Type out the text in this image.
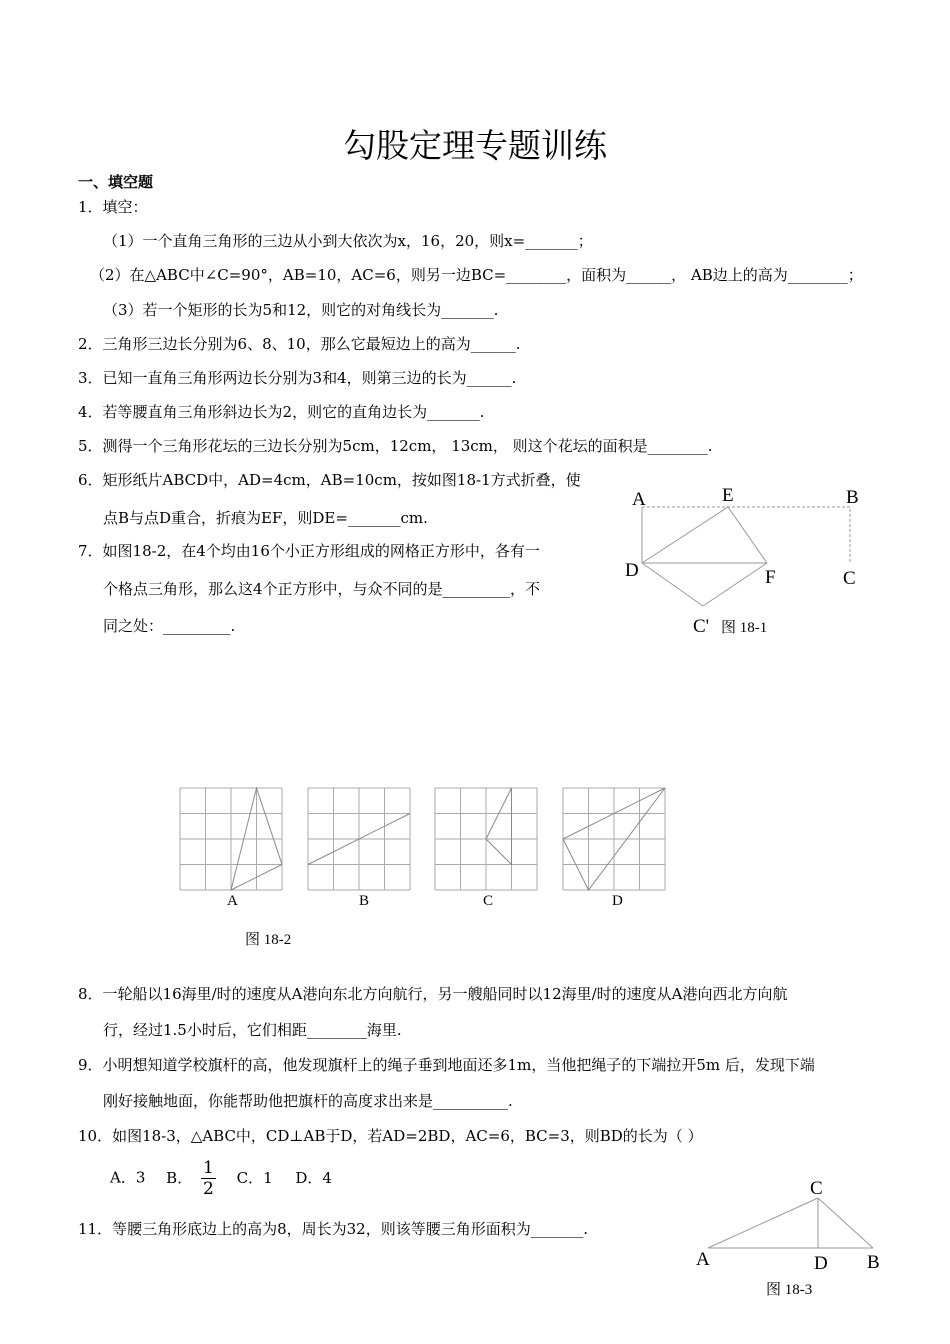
勾股定理专题训练
一、填空题
1．填空：
（1）一个直角三角形的三边从小到大依次为x，16，20，则x=_______；
（2）在△ABC中∠C=90°，AB=10，AC=6，则另一边BC=________，面积为______， AB边上的高为________；
（3）若一个矩形的长为5和12，则它的对角线长为_______.
2．三角形三边长分别为6、8、10，那么它最短边上的高为______.
3．已知一直角三角形两边长分别为3和4，则第三边的长为______.
4．若等腰直角三角形斜边长为2，则它的直角边长为_______.
5．测得一个三角形花坛的三边长分别为5cm，12cm， 13cm， 则这个花坛的面积是________.
6．矩形纸片ABCD中，AD=4cm，AB=10cm，按如图18-1方式折叠，使
点B与点D重合，折痕为EF，则DE=_______cm.
7．如图18-2，在4个均由16个小正方形组成的网格正方形中，各有一
个格点三角形，那么这4个正方形中，与众不同的是_________，不
同之处：_________.
A	E	B
D	F	C
C' 图 18-1
A	B	C	D
图 18-2
8．一轮船以16海里/时的速度从A港向东北方向航行，另一艘船同时以12海里/时的速度从A港向西北方向航
行，经过1.5小时后，它们相距________海里.
9．小明想知道学校旗杆的高，他发现旗杆上的绳子垂到地面还多1m，当他把绳子的下端拉开5m 后，发现下端
刚好接触地面，你能帮助他把旗杆的高度求出来是__________.
10．如图18-3，△ABC中，CD⊥AB于D，若AD=2BD，AC=6，BC=3，则BD的长为（ ）
A．3 B． $\frac{1}{2}$ C．1 D．4
11．等腰三角形底边上的高为8，周长为32，则该等腰三角形面积为_______.
A
C
D B
图 18-3
